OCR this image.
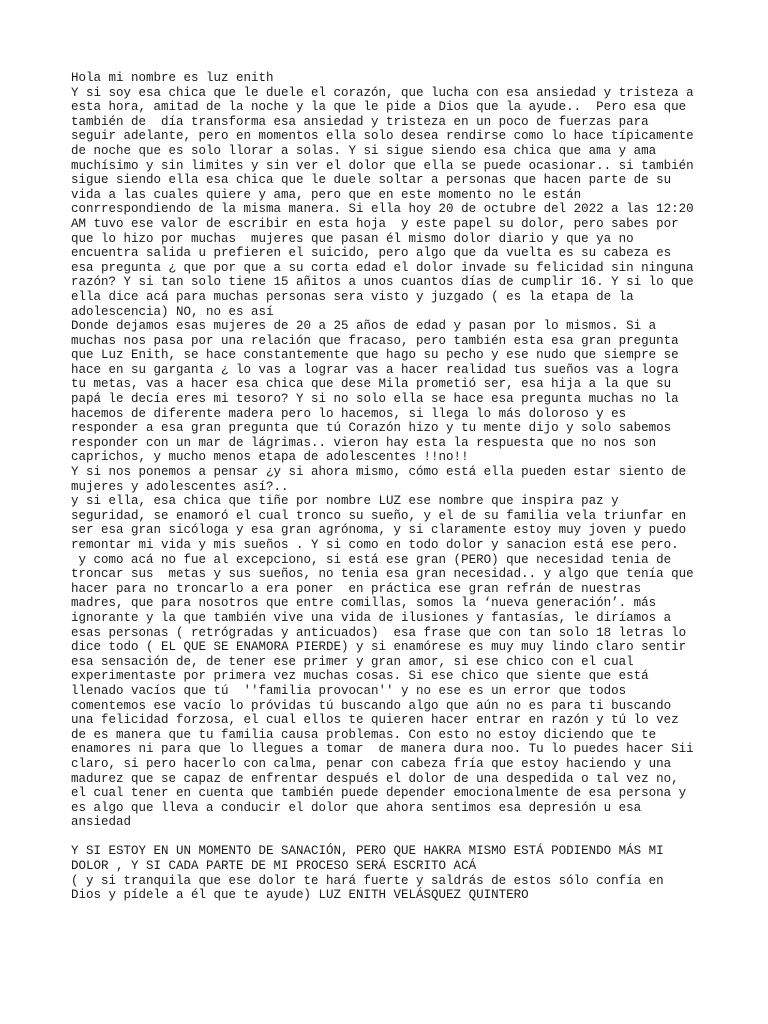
Hola mi nombre es luz enith
Y si soy esa chica que le duele el corazón, que lucha con esa ansiedad y tristeza a
esta hora, amitad de la noche y la que le pide a Dios que la ayude..  Pero esa que
también de  día transforma esa ansiedad y tristeza en un poco de fuerzas para
seguir adelante, pero en momentos ella solo desea rendirse como lo hace típicamente
de noche que es solo llorar a solas. Y si sigue siendo esa chica que ama y ama
muchísimo y sin limites y sin ver el dolor que ella se puede ocasionar.. si también
sigue siendo ella esa chica que le duele soltar a personas que hacen parte de su
vida a las cuales quiere y ama, pero que en este momento no le están
conrrespondiendo de la misma manera. Si ella hoy 20 de octubre del 2022 a las 12:20
AM tuvo ese valor de escribir en esta hoja  y este papel su dolor, pero sabes por
que lo hizo por muchas  mujeres que pasan él mismo dolor diario y que ya no
encuentra salida u prefieren el suicido, pero algo que da vuelta es su cabeza es
esa pregunta ¿ que por que a su corta edad el dolor invade su felicidad sin ninguna
razón? Y si tan solo tiene 15 añitos a unos cuantos días de cumplir 16. Y si lo que
ella dice acá para muchas personas sera visto y juzgado ( es la etapa de la
adolescencia) NO, no es así
Donde dejamos esas mujeres de 20 a 25 años de edad y pasan por lo mismos. Si a
muchas nos pasa por una relación que fracaso, pero también esta esa gran pregunta
que Luz Enith, se hace constantemente que hago su pecho y ese nudo que siempre se
hace en su garganta ¿ lo vas a lograr vas a hacer realidad tus sueños vas a logra
tu metas, vas a hacer esa chica que dese Mila prometió ser, esa hija a la que su
papá le decía eres mi tesoro? Y si no solo ella se hace esa pregunta muchas no la
hacemos de diferente madera pero lo hacemos, si llega lo más doloroso y es
responder a esa gran pregunta que tú Corazón hizo y tu mente dijo y solo sabemos
responder con un mar de lágrimas.. vieron hay esta la respuesta que no nos son
caprichos, y mucho menos etapa de adolescentes !!no!!
Y si nos ponemos a pensar ¿y si ahora mismo, cómo está ella pueden estar siento de
mujeres y adolescentes así?..
y si ella, esa chica que tiñe por nombre LUZ ese nombre que inspira paz y
seguridad, se enamoró el cual tronco su sueño, y el de su familia vela triunfar en
ser esa gran sicóloga y esa gran agrónoma, y si claramente estoy muy joven y puedo
remontar mi vida y mis sueños . Y si como en todo dolor y sanacion está ese pero.
y como acá no fue al excepciono, si está ese gran (PERO) que necesidad tenia de
troncar sus  metas y sus sueños, no tenia esa gran necesidad.. y algo que tenía que
hacer para no troncarlo a era poner  en práctica ese gran refrán de nuestras
madres, que para nosotros que entre comillas, somos la ‘nueva generación’. más
ignorante y la que también vive una vida de ilusiones y fantasías, le diríamos a
esas personas ( retrógradas y anticuados)  esa frase que con tan solo 18 letras lo
dice todo ( EL QUE SE ENAMORA PIERDE) y si enamórese es muy muy lindo claro sentir
esa sensación de, de tener ese primer y gran amor, si ese chico con el cual
experimentaste por primera vez muchas cosas. Si ese chico que siente que está
llenado vacíos que tú  ''familia provocan'' y no ese es un error que todos
comentemos ese vacío lo próvidas tú buscando algo que aún no es para ti buscando
una felicidad forzosa, el cual ellos te quieren hacer entrar en razón y tú lo vez
de es manera que tu familia causa problemas. Con esto no estoy diciendo que te
enamores ni para que lo llegues a tomar  de manera dura noo. Tu lo puedes hacer Sii
claro, si pero hacerlo con calma, penar con cabeza fría que estoy haciendo y una
madurez que se capaz de enfrentar después el dolor de una despedida o tal vez no,
el cual tener en cuenta que también puede depender emocionalmente de esa persona y
es algo que lleva a conducir el dolor que ahora sentimos esa depresión u esa
ansiedad
Y SI ESTOY EN UN MOMENTO DE SANACIÓN, PERO QUE HAKRA MISMO ESTÁ PODIENDO MÁS MI
DOLOR , Y SI CADA PARTE DE MI PROCESO SERÁ ESCRITO ACÁ
( y si tranquila que ese dolor te hará fuerte y saldrás de estos sólo confía en
Dios y pídele a él que te ayude) LUZ ENITH VELÁSQUEZ QUINTERO
